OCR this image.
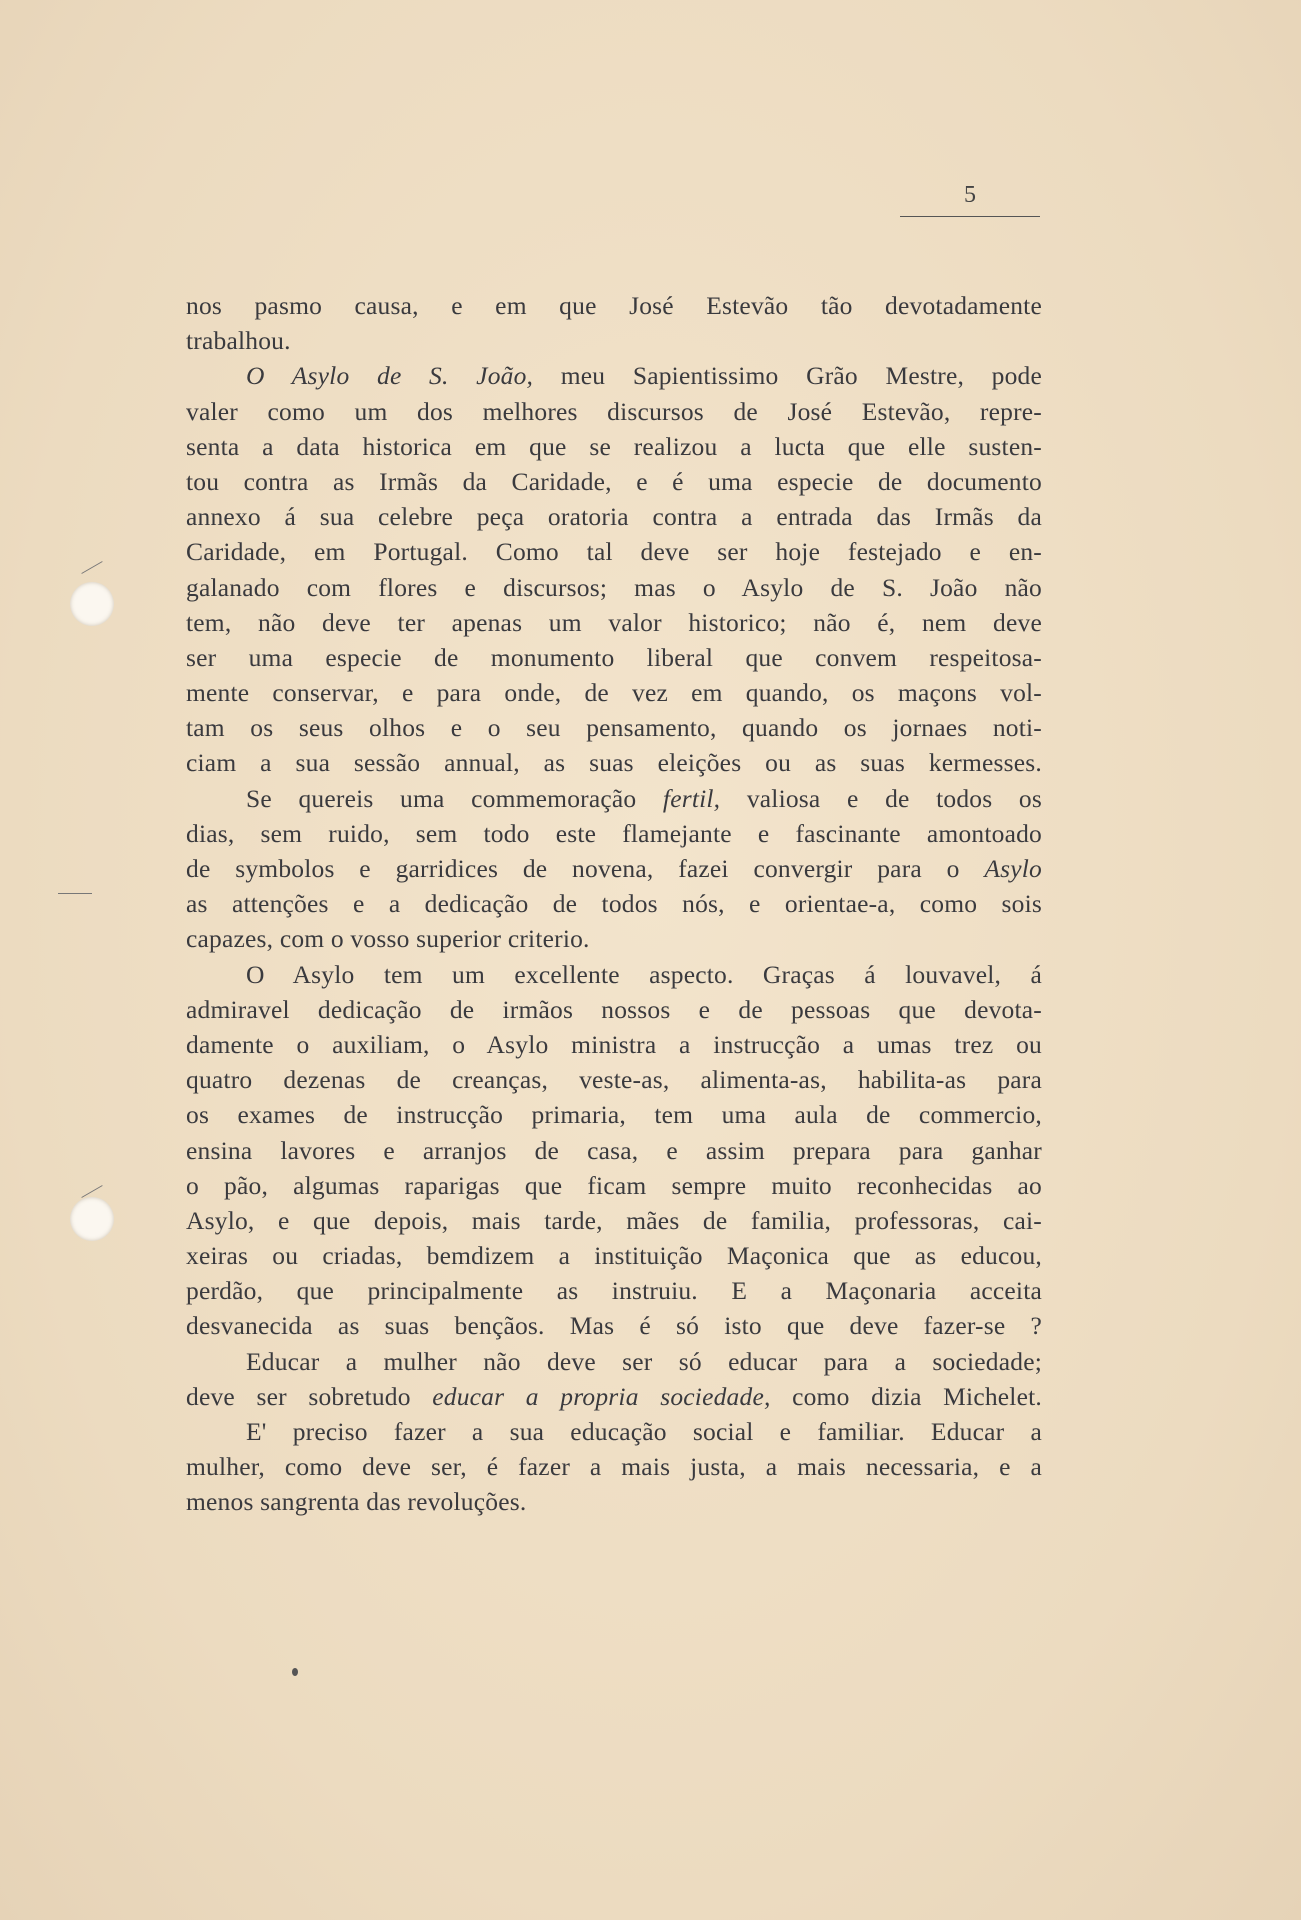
5
nos pasmo causa, e em que José Estevão tão devotadamente
trabalhou.
O Asylo de S. João, meu Sapientissimo Grão Mestre, pode
valer como um dos melhores discursos de José Estevão, repre-
senta a data historica em que se realizou a lucta que elle susten-
tou contra as Irmãs da Caridade, e é uma especie de documento
annexo á sua celebre peça oratoria contra a entrada das Irmãs da
Caridade, em Portugal. Como tal deve ser hoje festejado e en-
galanado com flores e discursos; mas o Asylo de S. João não
tem, não deve ter apenas um valor historico; não é, nem deve
ser uma especie de monumento liberal que convem respeitosa-
mente conservar, e para onde, de vez em quando, os maçons vol-
tam os seus olhos e o seu pensamento, quando os jornaes noti-
ciam a sua sessão annual, as suas eleições ou as suas kermesses.
Se quereis uma commemoração fertil, valiosa e de todos os
dias, sem ruido, sem todo este flamejante e fascinante amontoado
de symbolos e garridices de novena, fazei convergir para o Asylo
as attenções e a dedicação de todos nós, e orientae-a, como sois
capazes, com o vosso superior criterio.
O Asylo tem um excellente aspecto. Graças á louvavel, á
admiravel dedicação de irmãos nossos e de pessoas que devota-
damente o auxiliam, o Asylo ministra a instrucção a umas trez ou
quatro dezenas de creanças, veste-as, alimenta-as, habilita-as para
os exames de instrucção primaria, tem uma aula de commercio,
ensina lavores e arranjos de casa, e assim prepara para ganhar
o pão, algumas raparigas que ficam sempre muito reconhecidas ao
Asylo, e que depois, mais tarde, mães de familia, professoras, cai-
xeiras ou criadas, bemdizem a instituição Maçonica que as educou,
perdão, que principalmente as instruiu. E a Maçonaria acceita
desvanecida as suas bençãos. Mas é só isto que deve fazer-se ?
Educar a mulher não deve ser só educar para a sociedade;
deve ser sobretudo educar a propria sociedade, como dizia Michelet.
E' preciso fazer a sua educação social e familiar. Educar a
mulher, como deve ser, é fazer a mais justa, a mais necessaria, e a
menos sangrenta das revoluções.
